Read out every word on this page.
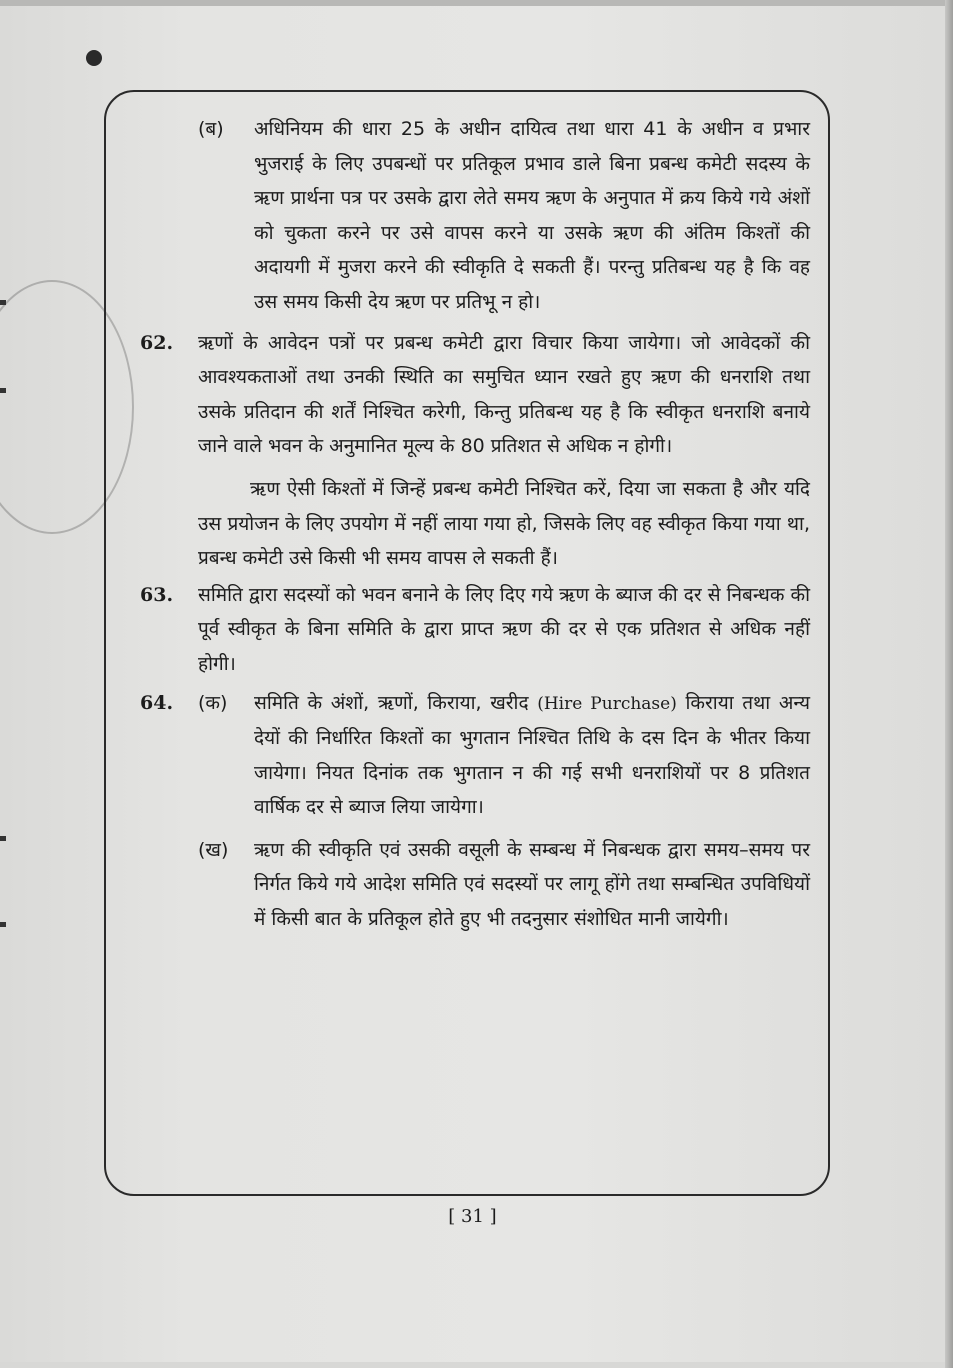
(ब) अधिनियम की धारा 25 के अधीन दायित्व तथा धारा 41 के अधीन व प्रभार भुजराई के लिए उपबन्धों पर प्रतिकूल प्रभाव डाले बिना प्रबन्ध कमेटी सदस्य के ऋण प्रार्थना पत्र पर उसके द्वारा लेते समय ऋण के अनुपात में क्रय किये गये अंशों को चुकता करने पर उसे वापस करने या उसके ऋण की अंतिम किश्तों की अदायगी में मुजरा करने की स्वीकृति दे सकती हैं। परन्तु प्रतिबन्ध यह है कि वह उस समय किसी देय ऋण पर प्रतिभू न हो।

62. ऋणों के आवेदन पत्रों पर प्रबन्ध कमेटी द्वारा विचार किया जायेगा। जो आवेदकों की आवश्यकताओं तथा उनकी स्थिति का समुचित ध्यान रखते हुए ऋण की धनराशि तथा उसके प्रतिदान की शर्तें निश्चित करेगी, किन्तु प्रतिबन्ध यह है कि स्वीकृत धनराशि बनाये जाने वाले भवन के अनुमानित मूल्य के 80 प्रतिशत से अधिक न होगी।

ऋण ऐसी किश्तों में जिन्हें प्रबन्ध कमेटी निश्चित करें, दिया जा सकता है और यदि उस प्रयोजन के लिए उपयोग में नहीं लाया गया हो, जिसके लिए वह स्वीकृत किया गया था, प्रबन्ध कमेटी उसे किसी भी समय वापस ले सकती हैं।

63. समिति द्वारा सदस्यों को भवन बनाने के लिए दिए गये ऋण के ब्याज की दर से निबन्धक की पूर्व स्वीकृत के बिना समिति के द्वारा प्राप्त ऋण की दर से एक प्रतिशत से अधिक नहीं होगी।

64. (क) समिति के अंशों, ऋणों, किराया, खरीद (Hire Purchase) किराया तथा अन्य देयों की निर्धारित किश्तों का भुगतान निश्चित तिथि के दस दिन के भीतर किया जायेगा। नियत दिनांक तक भुगतान न की गई सभी धनराशियों पर 8 प्रतिशत वार्षिक दर से ब्याज लिया जायेगा।

(ख) ऋण की स्वीकृति एवं उसकी वसूली के सम्बन्ध में निबन्धक द्वारा समय–समय पर निर्गत किये गये आदेश समिति एवं सदस्यों पर लागू होंगे तथा सम्बन्धित उपविधियों में किसी बात के प्रतिकूल होते हुए भी तदनुसार संशोधित मानी जायेगी।

[ 31 ]
